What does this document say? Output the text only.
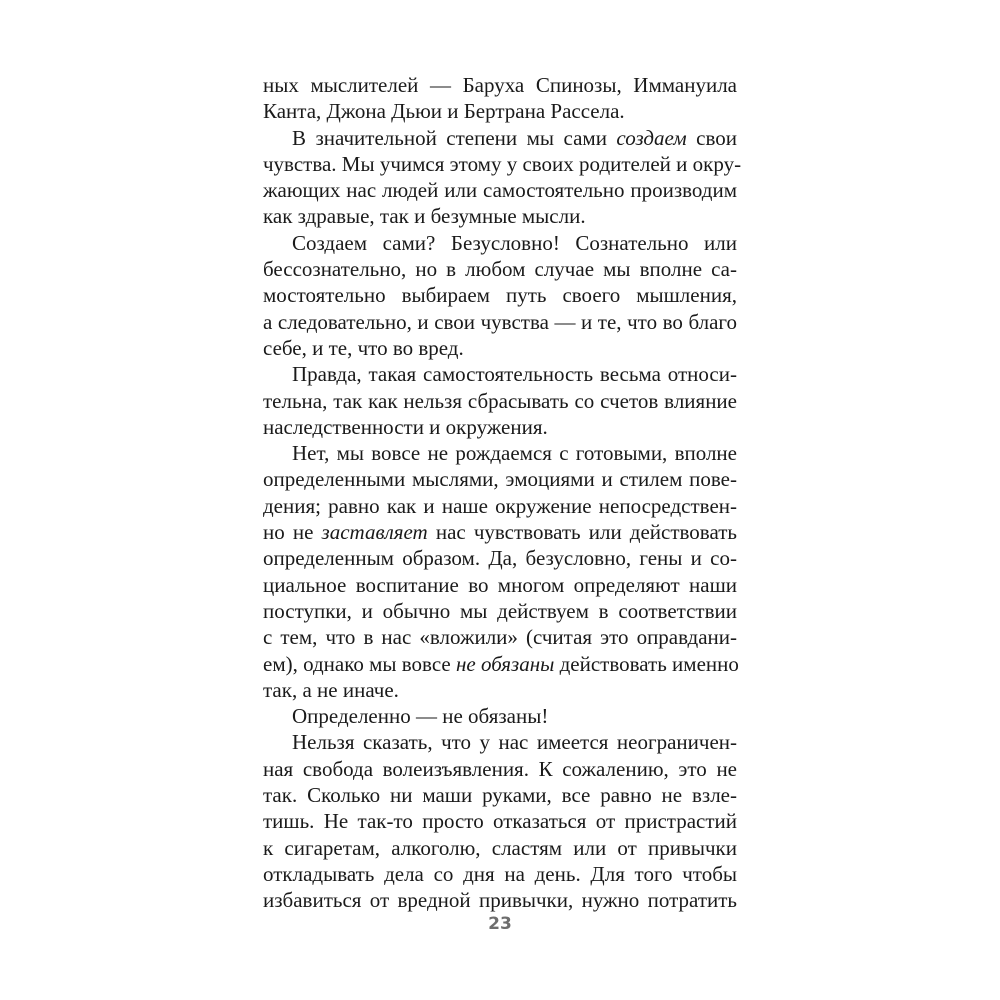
ных мыслителей — Баруха Спинозы, Иммануила
Канта, Джона Дьюи и Бертрана Рассела.
В значительной степени мы сами создаем свои
чувства. Мы учимся этому у своих родителей и окру-
жающих нас людей или самостоятельно производим
как здравые, так и безумные мысли.
Создаем сами? Безусловно! Сознательно или
бессознательно, но в любом случае мы вполне са-
мостоятельно выбираем путь своего мышления,
а следовательно, и свои чувства — и те, что во благо
себе, и те, что во вред.
Правда, такая самостоятельность весьма относи-
тельна, так как нельзя сбрасывать со счетов влияние
наследственности и окружения.
Нет, мы вовсе не рождаемся с готовыми, вполне
определенными мыслями, эмоциями и стилем пове-
дения; равно как и наше окружение непосредствен-
но не заставляет нас чувствовать или действовать
определенным образом. Да, безусловно, гены и со-
циальное воспитание во многом определяют наши
поступки, и обычно мы действуем в соответствии
с тем, что в нас «вложили» (считая это оправдани-
ем), однако мы вовсе не обязаны действовать именно
так, а не иначе.
Определенно — не обязаны!
Нельзя сказать, что у нас имеется неограничен-
ная свобода волеизъявления. К сожалению, это не
так. Сколько ни маши руками, все равно не взле-
тишь. Не так-то просто отказаться от пристрастий
к сигаретам, алкоголю, сластям или от привычки
откладывать дела со дня на день. Для того чтобы
избавиться от вредной привычки, нужно потратить
23
